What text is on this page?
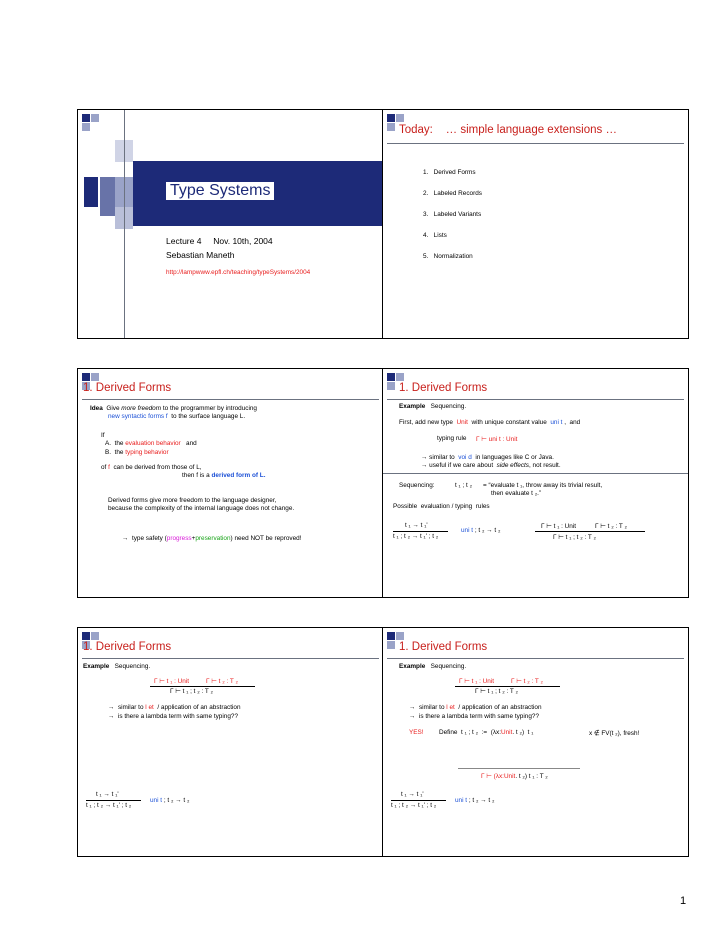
Type Systems
Lecture 4     Nov. 10th, 2004
Sebastian Maneth
http://lampwww.epfl.ch/teaching/typeSystems/2004
Today:    … simple language extensions …
1.   Derived Forms
2.   Labeled Records
3.   Labeled Variants
4.   Lists
5.   Normalization
1. Derived Forms
Idea Give more freedom to the programmer by introducing
new syntactic forms f  to the surface language L.
If
A.  the evaluation behavior   and
B.  the typing behavior
of f  can be derived from those of L,
then f is a derived form of L.
Derived forms give more freedom to the language designer,
because the complexity of the internal language does not change.
→  type safety (progress+preservation) need NOT be reproved!
1. Derived Forms
Example Sequencing.
First, add new type  Unit  with unique constant value  uni t ,  and
typing rule Γ ⊢ uni t : Unit
→ similar to  voi d  in languages like C or Java.
→ useful if we care about  side effects, not result.
Sequencing:	t ₁ ; t ₂ = “evaluate t ₁, throw away its trivial result,
then evaluate t ₂.”
Possible  evaluation / typing  rules
t ₁ → t ₁'
t ₁ ; t ₂ → t ₁' ; t ₂
uni t ; t ₂ → t ₂
Γ ⊢ t ₁ : Unit	Γ ⊢ t ₂ : T ₂
Γ ⊢ t ₁ ; t ₂ : T ₂
1. Derived Forms
Example Sequencing.
Γ ⊢ t ₁ : Unit	Γ ⊢ t ₂ : T ₂
Γ ⊢ t ₁ ; t ₂ : T ₂
→  similar to l et  / application of an abstraction
→  is there a lambda term with same typing??
t ₁ → t ₁'
t ₁ ; t ₂ → t ₁' ; t ₂
uni t ; t ₂ → t ₂
1. Derived Forms
Example Sequencing.
Γ ⊢ t ₁ : Unit	Γ ⊢ t ₂ : T ₂
Γ ⊢ t ₁ ; t ₂ : T ₂
→  similar to l et  / application of an abstraction
→  is there a lambda term with same typing??
YES! Define  t ₁ ; t ₂  :=  (λx:Unit. t ₂)  t ₁	x ∉ FV(t ₂), fresh!
Γ ⊢ (λx:Unit. t ₂) t ₁ : T ₂
t ₁ → t ₁'
t ₁ ; t ₂ → t ₁' ; t ₂
uni t ; t ₂ → t ₂
1
